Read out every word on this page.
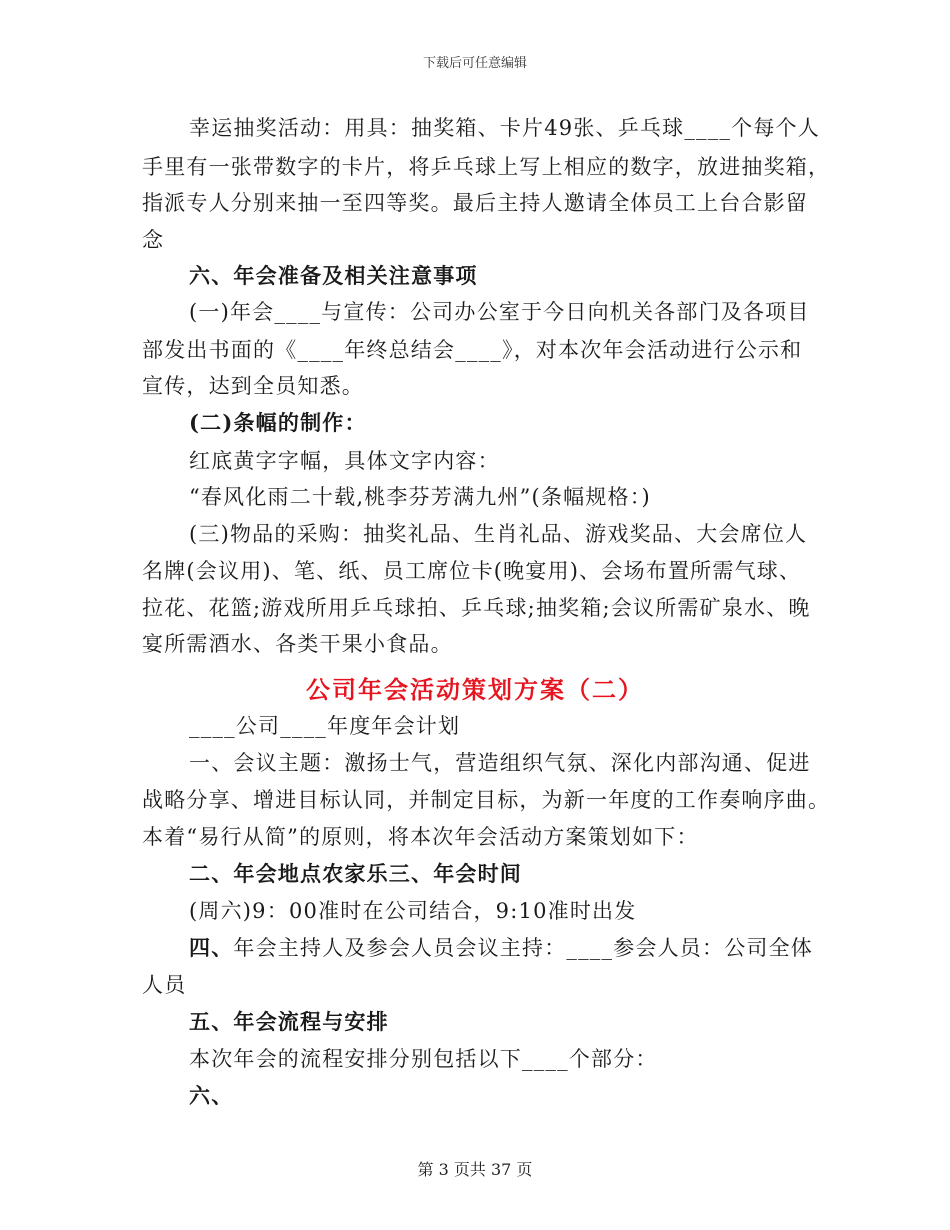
下载后可任意编辑
幸运抽奖活动：用具：抽奖箱、卡片49张、乒乓球____个每个人
手里有一张带数字的卡片，将乒乓球上写上相应的数字，放进抽奖箱，
指派专人分别来抽一至四等奖。最后主持人邀请全体员工上台合影留
念
六、年会准备及相关注意事项
(一)年会____与宣传：公司办公室于今日向机关各部门及各项目
部发出书面的《____年终总结会____》，对本次年会活动进行公示和
宣传，达到全员知悉。
(二)条幅的制作：
红底黄字字幅，具体文字内容：
“春风化雨二十载,桃李芬芳满九州”(条幅规格：)
(三)物品的采购：抽奖礼品、生肖礼品、游戏奖品、大会席位人
名牌(会议用)、笔、纸、员工席位卡(晚宴用)、会场布置所需气球、
拉花、花篮;游戏所用乒乓球拍、乒乓球;抽奖箱;会议所需矿泉水、晚
宴所需酒水、各类干果小食品。
公司年会活动策划方案（二）
____公司____年度年会计划
一、会议主题：激扬士气，营造组织气氛、深化内部沟通、促进
战略分享、增进目标认同，并制定目标，为新一年度的工作奏响序曲。
本着“易行从简”的原则，将本次年会活动方案策划如下：
二、年会地点农家乐三、年会时间
(周六)9：00准时在公司结合，9:10准时出发
四、年会主持人及参会人员会议主持：____参会人员：公司全体
人员
五、年会流程与安排
本次年会的流程安排分别包括以下____个部分：
六、
第 3 页共 37 页
